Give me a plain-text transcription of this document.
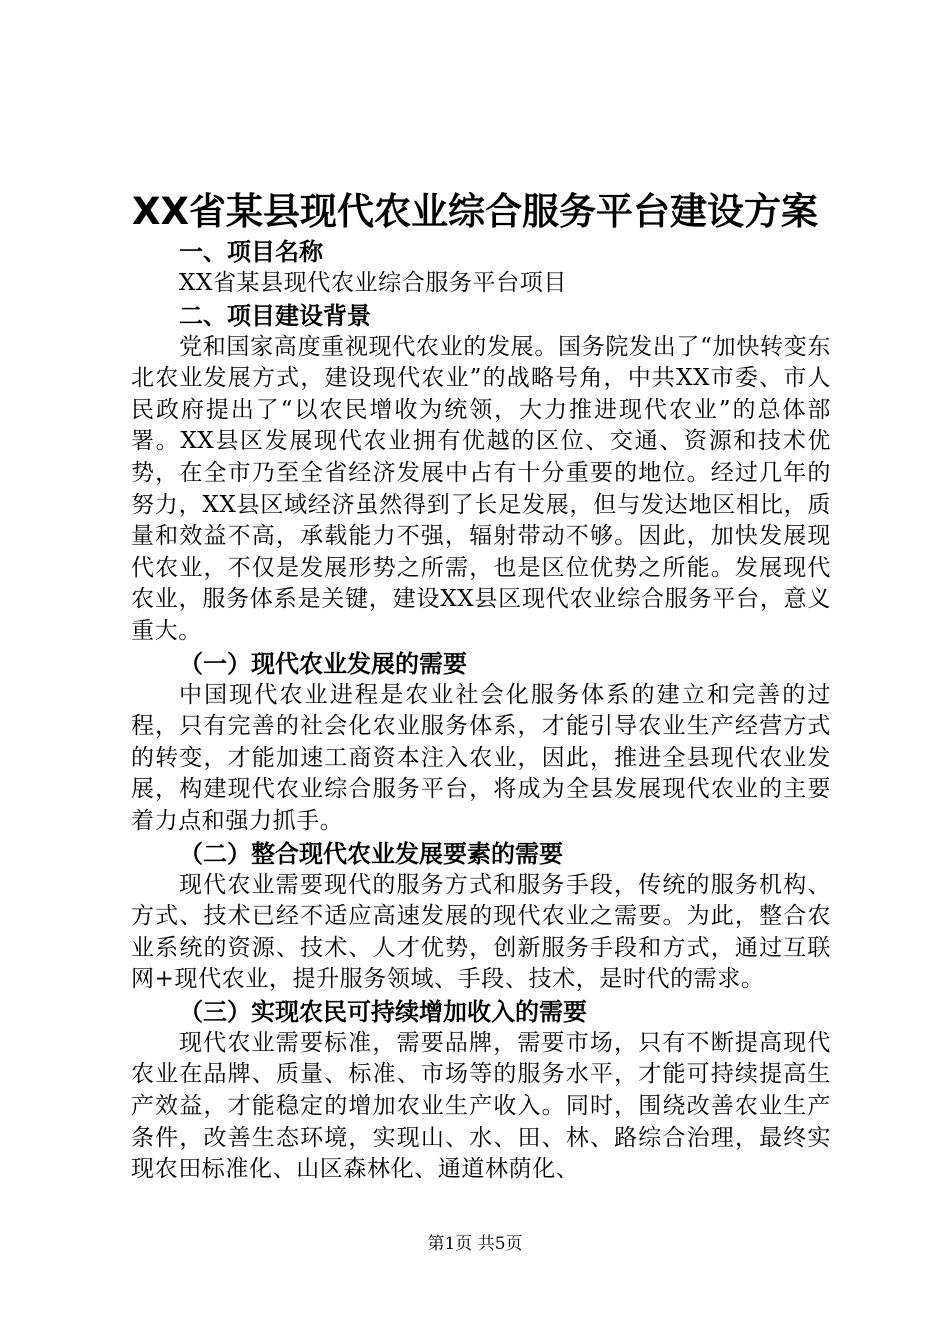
XX省某县现代农业综合服务平台建设方案

一、项目名称

XX省某县现代农业综合服务平台项目

二、项目建设背景

党和国家高度重视现代农业的发展。国务院发出了“加快转变东北农业发展方式，建设现代农业”的战略号角，中共XX市委、市人民政府提出了“以农民增收为统领，大力推进现代农业”的总体部署。XX县区发展现代农业拥有优越的区位、交通、资源和技术优势，在全市乃至全省经济发展中占有十分重要的地位。经过几年的努力，XX县区域经济虽然得到了长足发展，但与发达地区相比，质量和效益不高，承载能力不强，辐射带动不够。因此，加快发展现代农业，不仅是发展形势之所需，也是区位优势之所能。发展现代农业，服务体系是关键，建设XX县区现代农业综合服务平台，意义重大。

（一）现代农业发展的需要

中国现代农业进程是农业社会化服务体系的建立和完善的过程，只有完善的社会化农业服务体系，才能引导农业生产经营方式的转变，才能加速工商资本注入农业，因此，推进全县现代农业发展，构建现代农业综合服务平台，将成为全县发展现代农业的主要着力点和强力抓手。

（二）整合现代农业发展要素的需要

现代农业需要现代的服务方式和服务手段，传统的服务机构、方式、技术已经不适应高速发展的现代农业之需要。为此，整合农业系统的资源、技术、人才优势，创新服务手段和方式，通过互联网+现代农业，提升服务领域、手段、技术，是时代的需求。

（三）实现农民可持续增加收入的需要

现代农业需要标准，需要品牌，需要市场，只有不断提高现代农业在品牌、质量、标准、市场等的服务水平，才能可持续提高生产效益，才能稳定的增加农业生产收入。同时，围绕改善农业生产条件，改善生态环境，实现山、水、田、林、路综合治理，最终实现农田标准化、山区森林化、通道林荫化、

第1页 共5页
